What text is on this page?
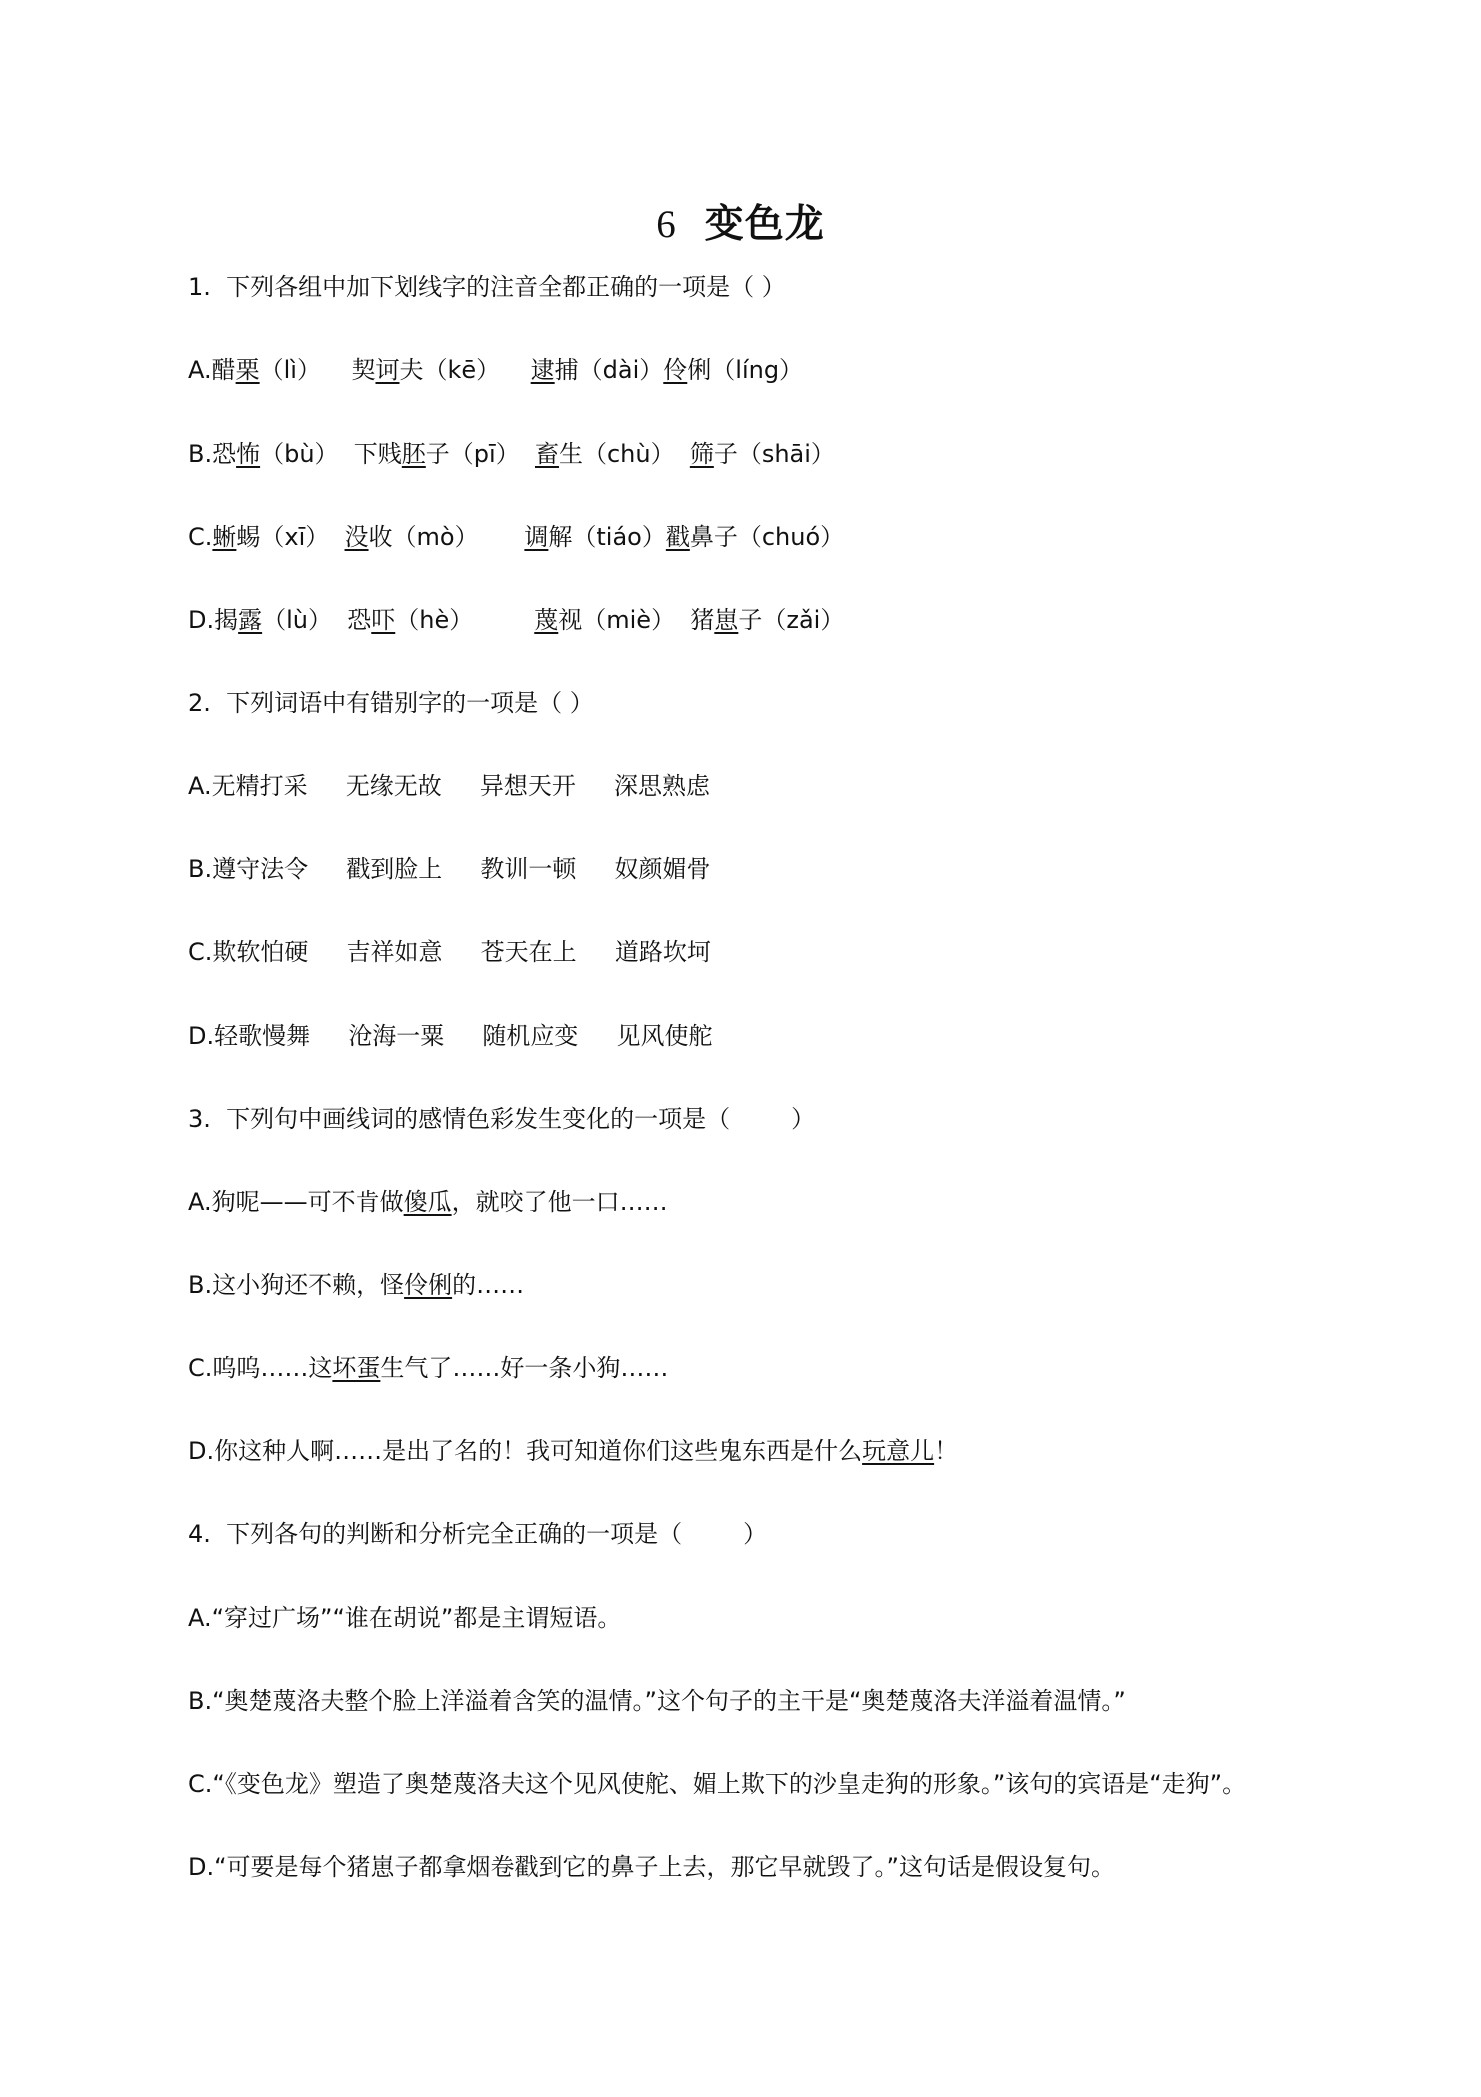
6 变色龙
1.  下列各组中加下划线字的注音全都正确的一项是（ ）
A.醋栗（lì）    契诃夫（kē）    逮捕（dài）伶俐（líng）
B.恐怖（bù）  下贱胚子（pī）  畜生（chù）  筛子（shāi）
C.蜥蜴（xī）  没收（mò）      调解（tiáo）戳鼻子（chuó）
D.揭露（lù）  恐吓（hè）        蔑视（miè）  猪崽子（zǎi）
2.  下列词语中有错别字的一项是（ ）
A.无精打采     无缘无故     异想天开     深思熟虑
B.遵守法令     戳到脸上     教训一顿     奴颜媚骨
C.欺软怕硬     吉祥如意     苍天在上     道路坎坷
D.轻歌慢舞     沧海一粟     随机应变     见风使舵
3.  下列句中画线词的感情色彩发生变化的一项是（        ）
A.狗呢——可不肯做傻瓜，就咬了他一口……
B.这小狗还不赖，怪伶俐的……
C.呜呜……这坏蛋生气了……好一条小狗……
D.你这种人啊……是出了名的！我可知道你们这些鬼东西是什么玩意儿！
4.  下列各句的判断和分析完全正确的一项是（        ）
A.“穿过广场”“谁在胡说”都是主谓短语。
B.“奥楚蔑洛夫整个脸上洋溢着含笑的温情。”这个句子的主干是“奥楚蔑洛夫洋溢着温情。”
C.“《变色龙》塑造了奥楚蔑洛夫这个见风使舵、媚上欺下的沙皇走狗的形象。”该句的宾语是“走狗”。
D.“可要是每个猪崽子都拿烟卷戳到它的鼻子上去，那它早就毁了。”这句话是假设复句。
